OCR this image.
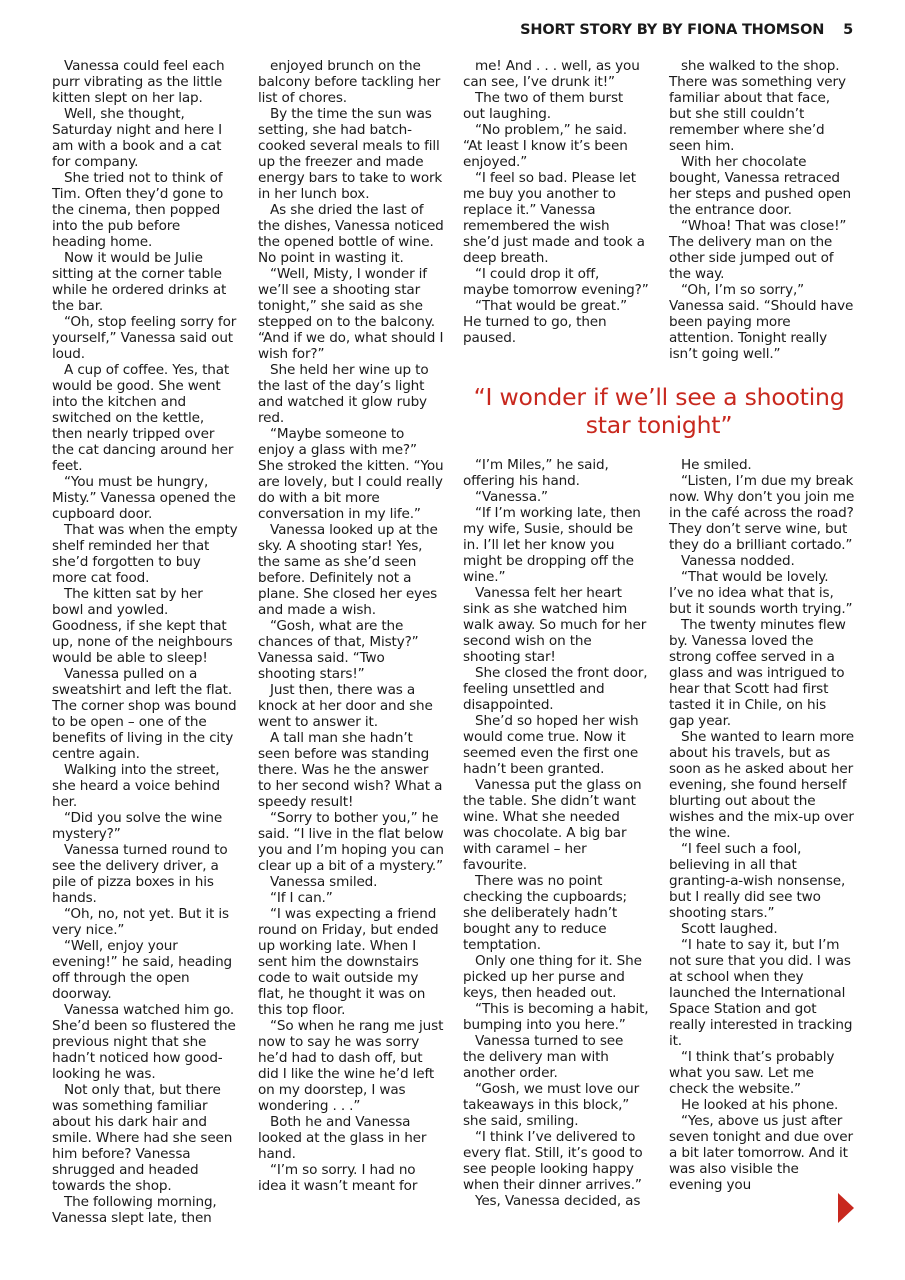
SHORT STORY BY BY FIONA THOMSON 5

Vanessa could feel each purr vibrating as the little kitten slept on her lap.

Well, she thought, Saturday night and here I am with a book and a cat for company.

She tried not to think of Tim. Often they’d gone to the cinema, then popped into the pub before heading home.

Now it would be Julie sitting at the corner table while he ordered drinks at the bar.

“Oh, stop feeling sorry for yourself,” Vanessa said out loud.

A cup of coffee. Yes, that would be good. She went into the kitchen and switched on the kettle, then nearly tripped over the cat dancing around her feet.

“You must be hungry, Misty.” Vanessa opened the cupboard door.

That was when the empty shelf reminded her that she’d forgotten to buy more cat food.

The kitten sat by her bowl and yowled. Goodness, if she kept that up, none of the neighbours would be able to sleep!

Vanessa pulled on a sweatshirt and left the flat. The corner shop was bound to be open – one of the benefits of living in the city centre again.

Walking into the street, she heard a voice behind her.

“Did you solve the wine mystery?”

Vanessa turned round to see the delivery driver, a pile of pizza boxes in his hands.

“Oh, no, not yet. But it is very nice.”

“Well, enjoy your evening!” he said, heading off through the open doorway.

Vanessa watched him go. She’d been so flustered the previous night that she hadn’t noticed how good-looking he was.

Not only that, but there was something familiar about his dark hair and smile. Where had she seen him before? Vanessa shrugged and headed towards the shop.

The following morning, Vanessa slept late, then

enjoyed brunch on the balcony before tackling her list of chores.

By the time the sun was setting, she had batch-cooked several meals to fill up the freezer and made energy bars to take to work in her lunch box.

As she dried the last of the dishes, Vanessa noticed the opened bottle of wine. No point in wasting it.

“Well, Misty, I wonder if we’ll see a shooting star tonight,” she said as she stepped on to the balcony. “And if we do, what should I wish for?”

She held her wine up to the last of the day’s light and watched it glow ruby red.

“Maybe someone to enjoy a glass with me?” She stroked the kitten. “You are lovely, but I could really do with a bit more conversation in my life.”

Vanessa looked up at the sky. A shooting star! Yes, the same as she’d seen before. Definitely not a plane. She closed her eyes and made a wish.

“Gosh, what are the chances of that, Misty?” Vanessa said. “Two shooting stars!”

Just then, there was a knock at her door and she went to answer it.

A tall man she hadn’t seen before was standing there. Was he the answer to her second wish? What a speedy result!

“Sorry to bother you,” he said. “I live in the flat below you and I’m hoping you can clear up a bit of a mystery.”

Vanessa smiled.

“If I can.”

“I was expecting a friend round on Friday, but ended up working late. When I sent him the downstairs code to wait outside my flat, he thought it was on this top floor.

“So when he rang me just now to say he was sorry he’d had to dash off, but did I like the wine he’d left on my doorstep, I was wondering . . .”

Both he and Vanessa looked at the glass in her hand.

“I’m so sorry. I had no idea it wasn’t meant for

me! And . . . well, as you can see, I’ve drunk it!”

The two of them burst out laughing.

“No problem,” he said. “At least I know it’s been enjoyed.”

“I feel so bad. Please let me buy you another to replace it.” Vanessa remembered the wish she’d just made and took a deep breath.

“I could drop it off, maybe tomorrow evening?”

“That would be great.” He turned to go, then paused.

she walked to the shop. There was something very familiar about that face, but she still couldn’t remember where she’d seen him.

With her chocolate bought, Vanessa retraced her steps and pushed open the entrance door.

“Whoa! That was close!” The delivery man on the other side jumped out of the way.

“Oh, I’m so sorry,” Vanessa said. “Should have been paying more attention. Tonight really isn’t going well.”

“I wonder if we’ll see a shooting star tonight”

“I’m Miles,” he said, offering his hand.

“Vanessa.”

“If I’m working late, then my wife, Susie, should be in. I’ll let her know you might be dropping off the wine.”

Vanessa felt her heart sink as she watched him walk away. So much for her second wish on the shooting star!

She closed the front door, feeling unsettled and disappointed.

She’d so hoped her wish would come true. Now it seemed even the first one hadn’t been granted.

Vanessa put the glass on the table. She didn’t want wine. What she needed was chocolate. A big bar with caramel – her favourite.

There was no point checking the cupboards; she deliberately hadn’t bought any to reduce temptation.

Only one thing for it. She picked up her purse and keys, then headed out.

“This is becoming a habit, bumping into you here.”

Vanessa turned to see the delivery man with another order.

“Gosh, we must love our takeaways in this block,” she said, smiling.

“I think I’ve delivered to every flat. Still, it’s good to see people looking happy when their dinner arrives.”

Yes, Vanessa decided, as

He smiled.

“Listen, I’m due my break now. Why don’t you join me in the café across the road? They don’t serve wine, but they do a brilliant cortado.”

Vanessa nodded.

“That would be lovely. I’ve no idea what that is, but it sounds worth trying.”

The twenty minutes flew by. Vanessa loved the strong coffee served in a glass and was intrigued to hear that Scott had first tasted it in Chile, on his gap year.

She wanted to learn more about his travels, but as soon as he asked about her evening, she found herself blurting out about the wishes and the mix-up over the wine.

“I feel such a fool, believing in all that granting-a-wish nonsense, but I really did see two shooting stars.”

Scott laughed.

“I hate to say it, but I’m not sure that you did. I was at school when they launched the International Space Station and got really interested in tracking it.

“I think that’s probably what you saw. Let me check the website.”

He looked at his phone.

“Yes, above us just after seven tonight and due over a bit later tomorrow. And it was also visible the evening you
